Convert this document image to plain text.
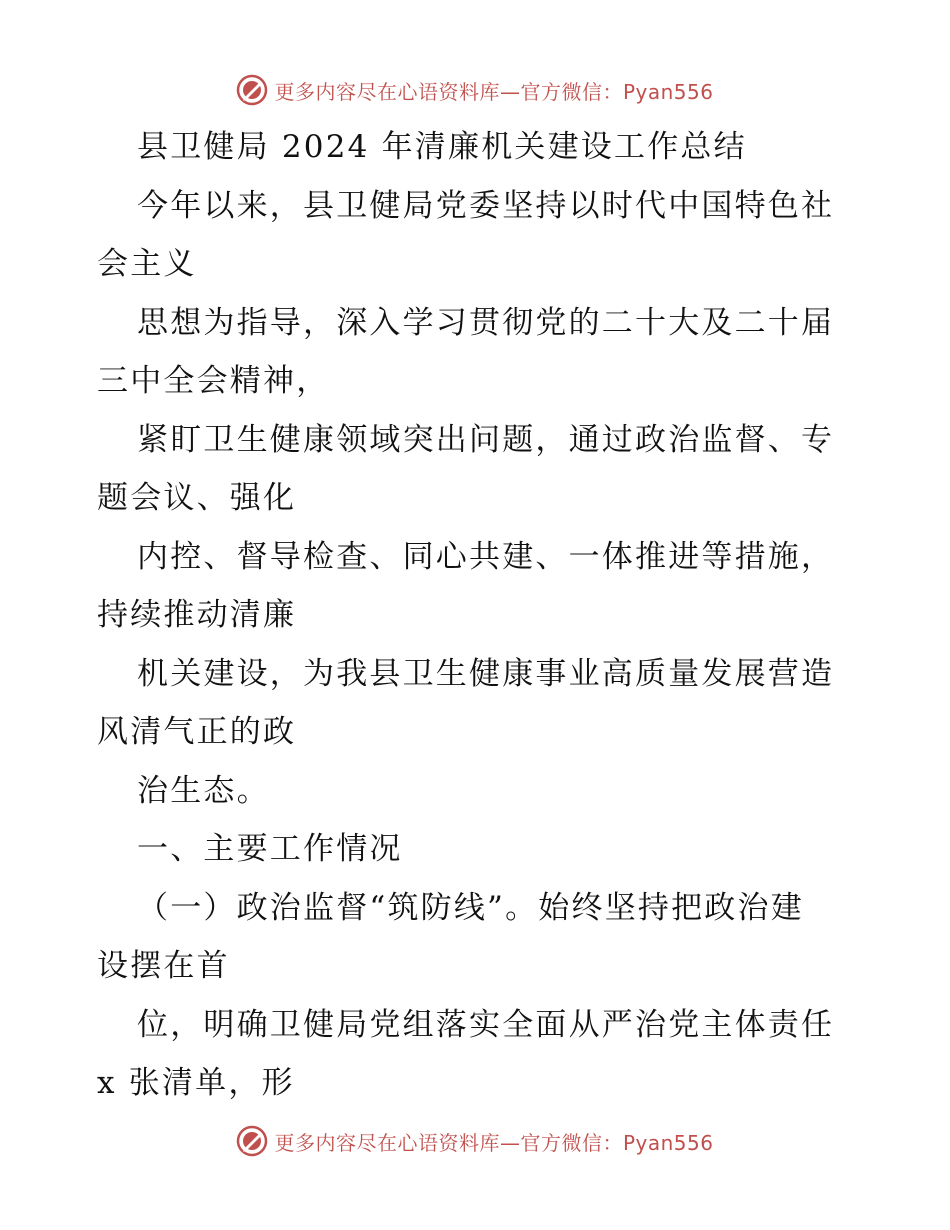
更多内容尽在心语资料库—官方微信：Pyan556
县卫健局 2024 年清廉机关建设工作总结
今年以来，县卫健局党委坚持以时代中国特色社
会主义
思想为指导，深入学习贯彻党的二十大及二十届
三中全会精神，
紧盯卫生健康领域突出问题，通过政治监督、专
题会议、强化
内控、督导检查、同心共建、一体推进等措施，
持续推动清廉
机关建设，为我县卫生健康事业高质量发展营造
风清气正的政
治生态。
一、主要工作情况
（一）政治监督“筑防线”。始终坚持把政治建
设摆在首
位，明确卫健局党组落实全面从严治党主体责任
x 张清单，形
更多内容尽在心语资料库—官方微信：Pyan556
